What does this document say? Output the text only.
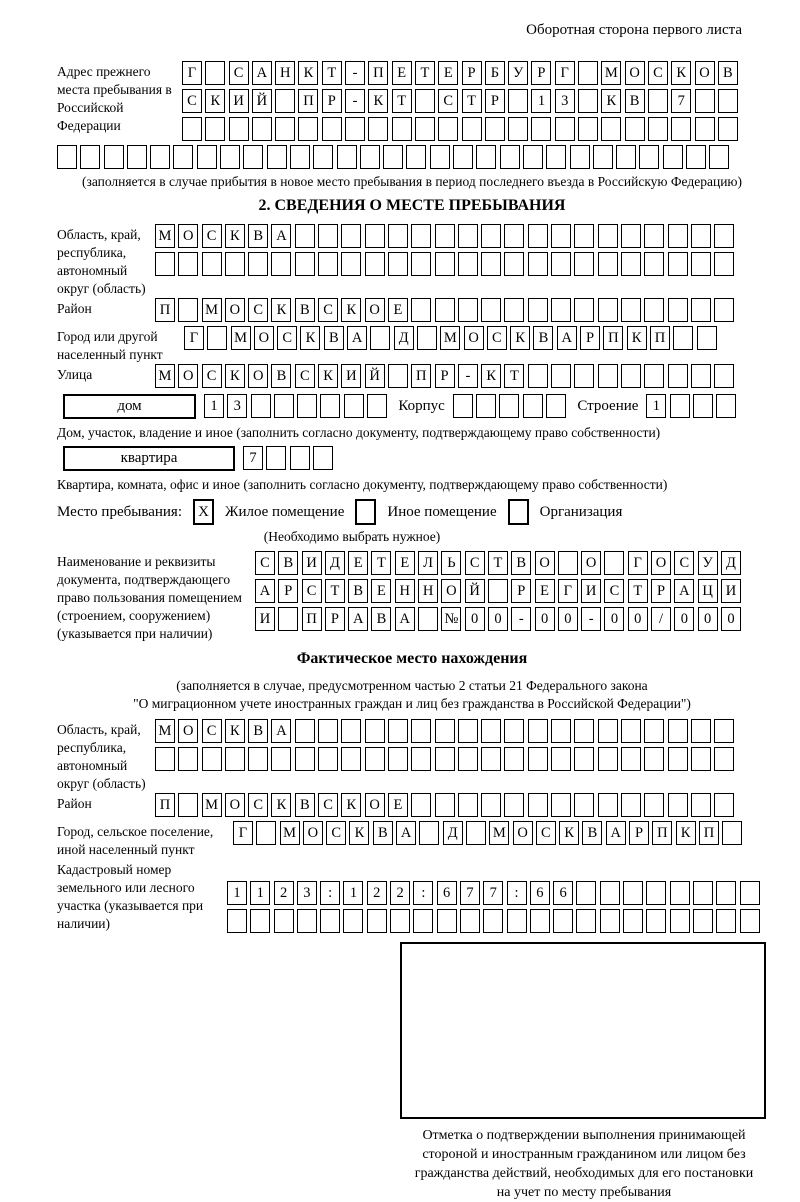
Оборотная сторона первого листа
Адрес прежнего места пребывания в Российской Федерации
Г	С А Н К Т	-	П Е Т Е	Р	Б У Р	Г	М О С К О В
С К И Й	П Р	-	К Т	С Т	Р	1	3	К В	7
(заполняется в случае прибытия в новое место пребывания в период последнего въезда в Российскую Федерацию)
2. СВЕДЕНИЯ О МЕСТЕ ПРЕБЫВАНИЯ
Область, край, республика, автономный округ (область)
М О С К В А
Район	П	М О С К В С К О Е
Город или другой населенный пункт
Г	М О С К В А	Д	М О С К В А Р П К П
Улица	М О С К О В С К И Й	П Р	-	К Т
дом	1	3	Корпус	Строение 1
Дом, участок, владение и иное (заполнить согласно документу, подтверждающему право собственности)
квартира	7
Квартира, комната, офис и иное (заполнить согласно документу, подтверждающему право собственности)
Место пребывания:	X	Жилое помещение	Иное помещение	Организация
(Необходимо выбрать нужное)
Наименование и реквизиты документа, подтверждающего право пользования помещением (строением, сооружением) (указывается при наличии)
С В И Д Е Т Е Л Ь С Т В О	О	Г О С У Д
А Р С Т В Е Н Н О Й	Р	Е	Г И С Т	Р А Ц И
И	П Р А В А	№ 0	0	-	0	0	-	0	0	/	0	0	0
Фактическое место нахождения
(заполняется в случае, предусмотренном частью 2 статьи 21 Федерального закона
"О миграционном учете иностранных граждан и лиц без гражданства в Российской Федерации")
Область, край, республика, автономный округ (область)
М О С К В А
Район	П	М О С К В С К О Е
Город, сельское поселение, иной населенный пункт
Г	М О С К В А	Д	М О С К В А Р П К П
Кадастровый номер земельного или лесного участка (указывается при наличии)
1	1	2	3	:	1	2	2	:	6	7	7	:	6	6
Отметка о подтверждении выполнения принимающей
стороной и иностранным гражданином или лицом без
гражданства действий, необходимых для его постановки
на учет по месту пребывания
